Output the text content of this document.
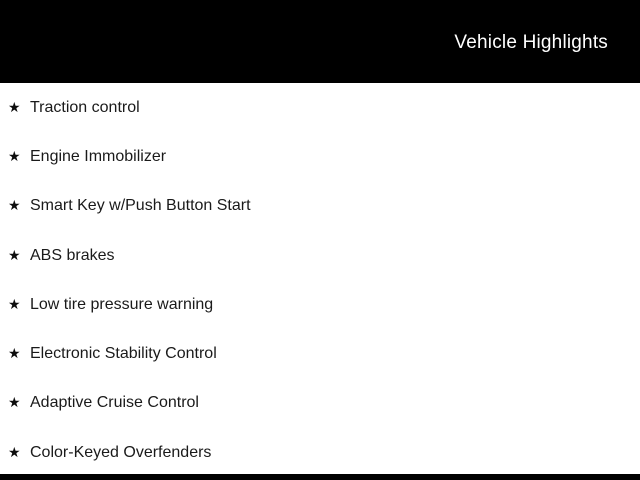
Vehicle Highlights
★ Traction control
★ Engine Immobilizer
★ Smart Key w/Push Button Start
★ ABS brakes
★ Low tire pressure warning
★ Electronic Stability Control
★ Adaptive Cruise Control
★ Color-Keyed Overfenders
